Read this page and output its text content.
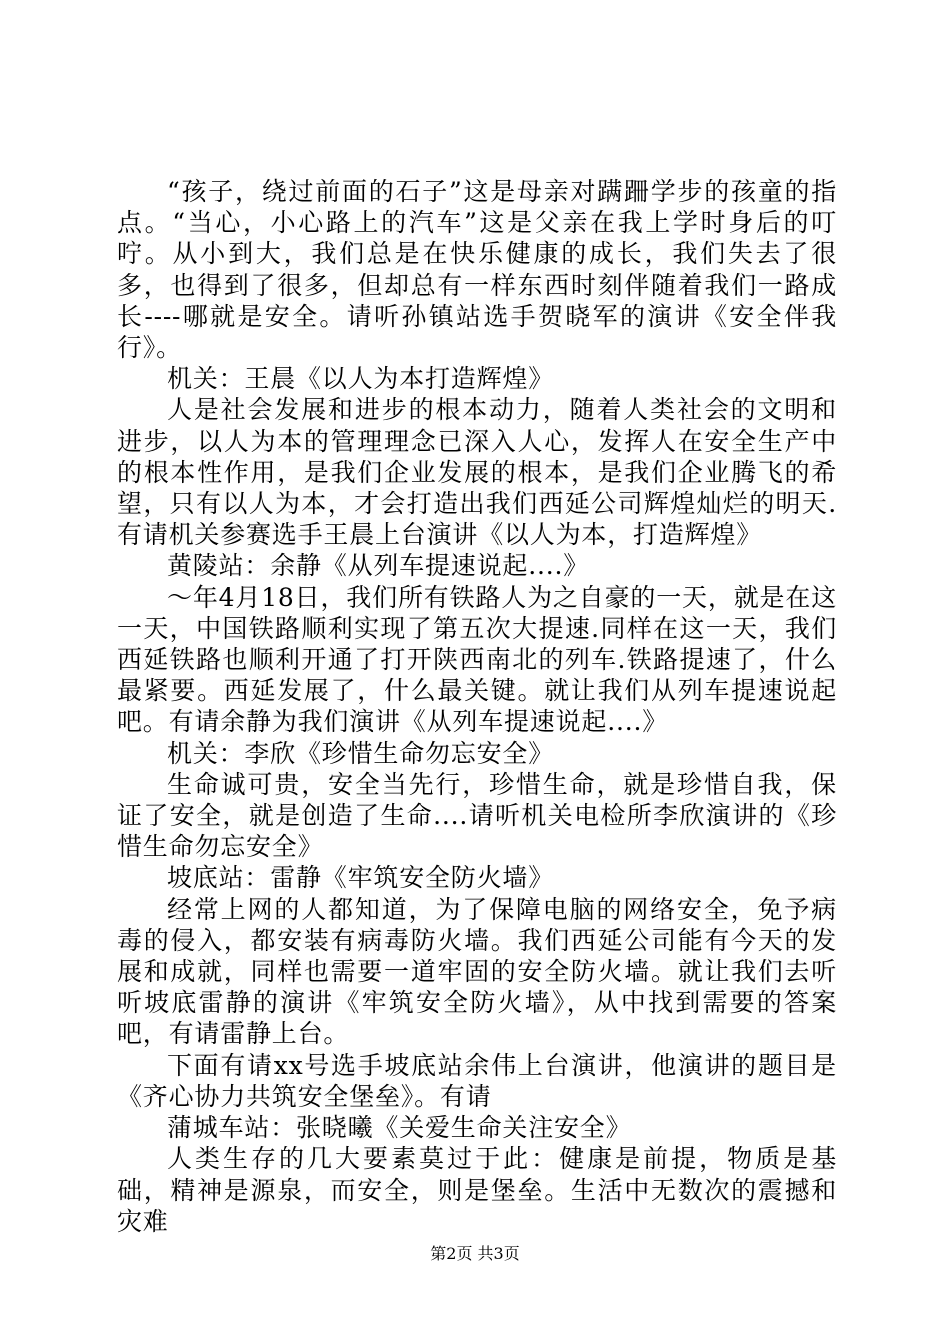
“孩子，绕过前面的石子”这是母亲对蹒跚学步的孩童的指点。“当心，小心路上的汽车”这是父亲在我上学时身后的叮咛。从小到大，我们总是在快乐健康的成长，我们失去了很多，也得到了很多，但却总有一样东西时刻伴随着我们一路成长----哪就是安全。请听孙镇站选手贺晓军的演讲《安全伴我行》。

机关：王晨《以人为本打造辉煌》

人是社会发展和进步的根本动力，随着人类社会的文明和进步，以人为本的管理理念已深入人心，发挥人在安全生产中的根本性作用，是我们企业发展的根本，是我们企业腾飞的希望，只有以人为本，才会打造出我们西延公司辉煌灿烂的明天.有请机关参赛选手王晨上台演讲《以人为本，打造辉煌》

黄陵站：余静《从列车提速说起....》

～年4月18日，我们所有铁路人为之自豪的一天，就是在这一天，中国铁路顺利实现了第五次大提速.同样在这一天，我们西延铁路也顺利开通了打开陕西南北的列车.铁路提速了，什么最紧要。西延发展了，什么最关键。就让我们从列车提速说起吧。有请余静为我们演讲《从列车提速说起....》

机关：李欣《珍惜生命勿忘安全》

生命诚可贵，安全当先行，珍惜生命，就是珍惜自我，保证了安全，就是创造了生命....请听机关电检所李欣演讲的《珍惜生命勿忘安全》

坡底站：雷静《牢筑安全防火墙》

经常上网的人都知道，为了保障电脑的网络安全，免予病毒的侵入，都安装有病毒防火墙。我们西延公司能有今天的发展和成就，同样也需要一道牢固的安全防火墙。就让我们去听听坡底雷静的演讲《牢筑安全防火墙》，从中找到需要的答案吧，有请雷静上台。

下面有请xx号选手坡底站余伟上台演讲，他演讲的题目是《齐心协力共筑安全堡垒》。有请

蒲城车站：张晓曦《关爱生命关注安全》

人类生存的几大要素莫过于此：健康是前提，物质是基础，精神是源泉，而安全，则是堡垒。生活中无数次的震撼和灾难

第2页 共3页
